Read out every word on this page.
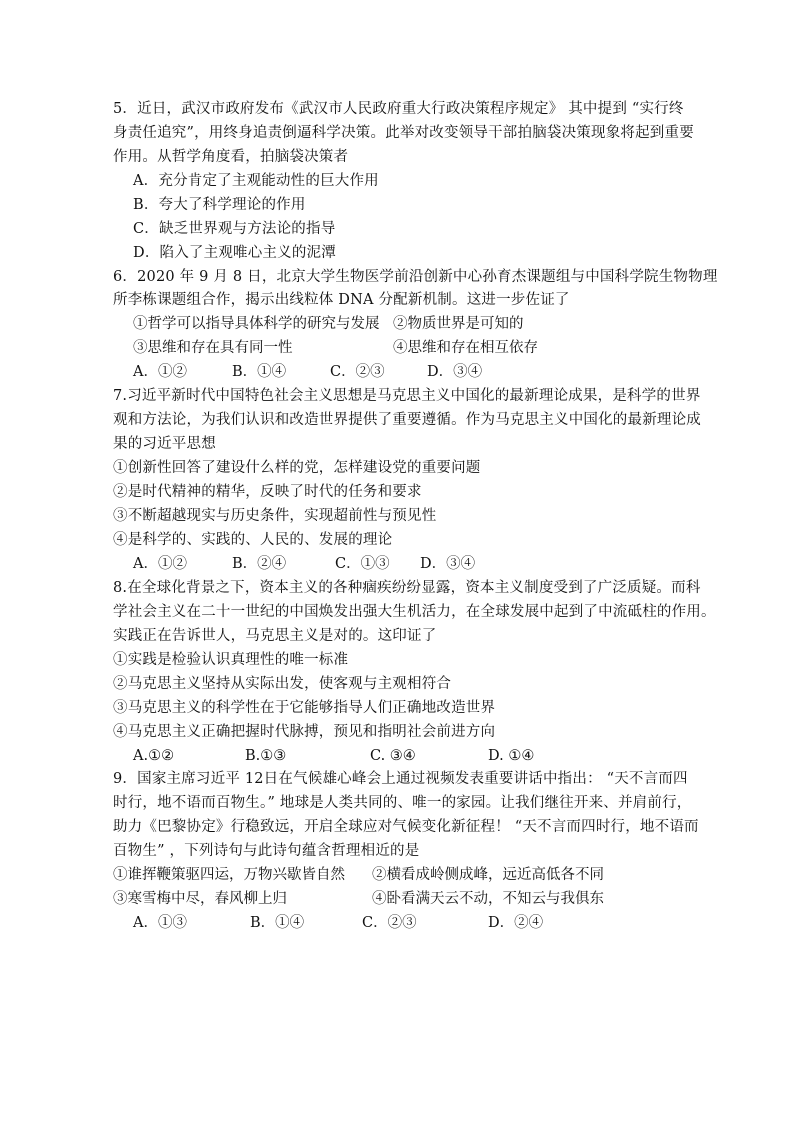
5．近日，武汉市政府发布《武汉市人民政府重大行政决策程序规定》 其中提到 “实行终
身责任追究”，用终身追责倒逼科学决策。此举对改变领导干部拍脑袋决策现象将起到重要
作用。从哲学角度看，拍脑袋决策者
A．充分肯定了主观能动性的巨大作用
B．夸大了科学理论的作用
C．缺乏世界观与方法论的指导
D．陷入了主观唯心主义的泥潭
6．2020 年 9 月 8 日，北京大学生物医学前沿创新中心孙育杰课题组与中国科学院生物物理
所李栋课题组合作，揭示出线粒体 DNA 分配新机制。这进一步佐证了
①哲学可以指导具体科学的研究与发展 ②物质世界是可知的
③思维和存在具有同一性	④思维和存在相互依存
A．①②	B．①④	C．②③	D．③④
7.习近平新时代中国特色社会主义思想是马克思主义中国化的最新理论成果，是科学的世界
观和方法论，为我们认识和改造世界提供了重要遵循。作为马克思主义中国化的最新理论成
果的习近平思想
①创新性回答了建设什么样的党，怎样建设党的重要问题
②是时代精神的精华，反映了时代的任务和要求
③不断超越现实与历史条件，实现超前性与预见性
④是科学的、实践的、人民的、发展的理论
A．①②	B．②④	C．①③ D．③④
8.在全球化背景之下，资本主义的各种痼疾纷纷显露，资本主义制度受到了广泛质疑。而科
学社会主义在二十一世纪的中国焕发出强大生机活力，在全球发展中起到了中流砥柱的作用。
实践正在告诉世人，马克思主义是对的。这印证了
①实践是检验认识真理性的唯一标准
②马克思主义坚持从实际出发，使客观与主观相符合
③马克思主义的科学性在于它能够指导人们正确地改造世界
④马克思主义正确把握时代脉搏，预见和指明社会前进方向
A.①②	B.①③	C. ③④	D. ①④
9．国家主席习近平 12日在气候雄心峰会上通过视频发表重要讲话中指出： “天不言而四
时行，地不语而百物生。” 地球是人类共同的、唯一的家园。让我们继往开来、并肩前行，
助力《巴黎协定》行稳致远，开启全球应对气候变化新征程！ “天不言而四时行，地不语而
百物生” ，下列诗句与此诗句蕴含哲理相近的是
①谁挥鞭策驱四运，万物兴歇皆自然 ②横看成岭侧成峰，远近高低各不同
③寒雪梅中尽，春风柳上归	④卧看满天云不动，不知云与我俱东
A．①③	B．①④	C．②③	D．②④
